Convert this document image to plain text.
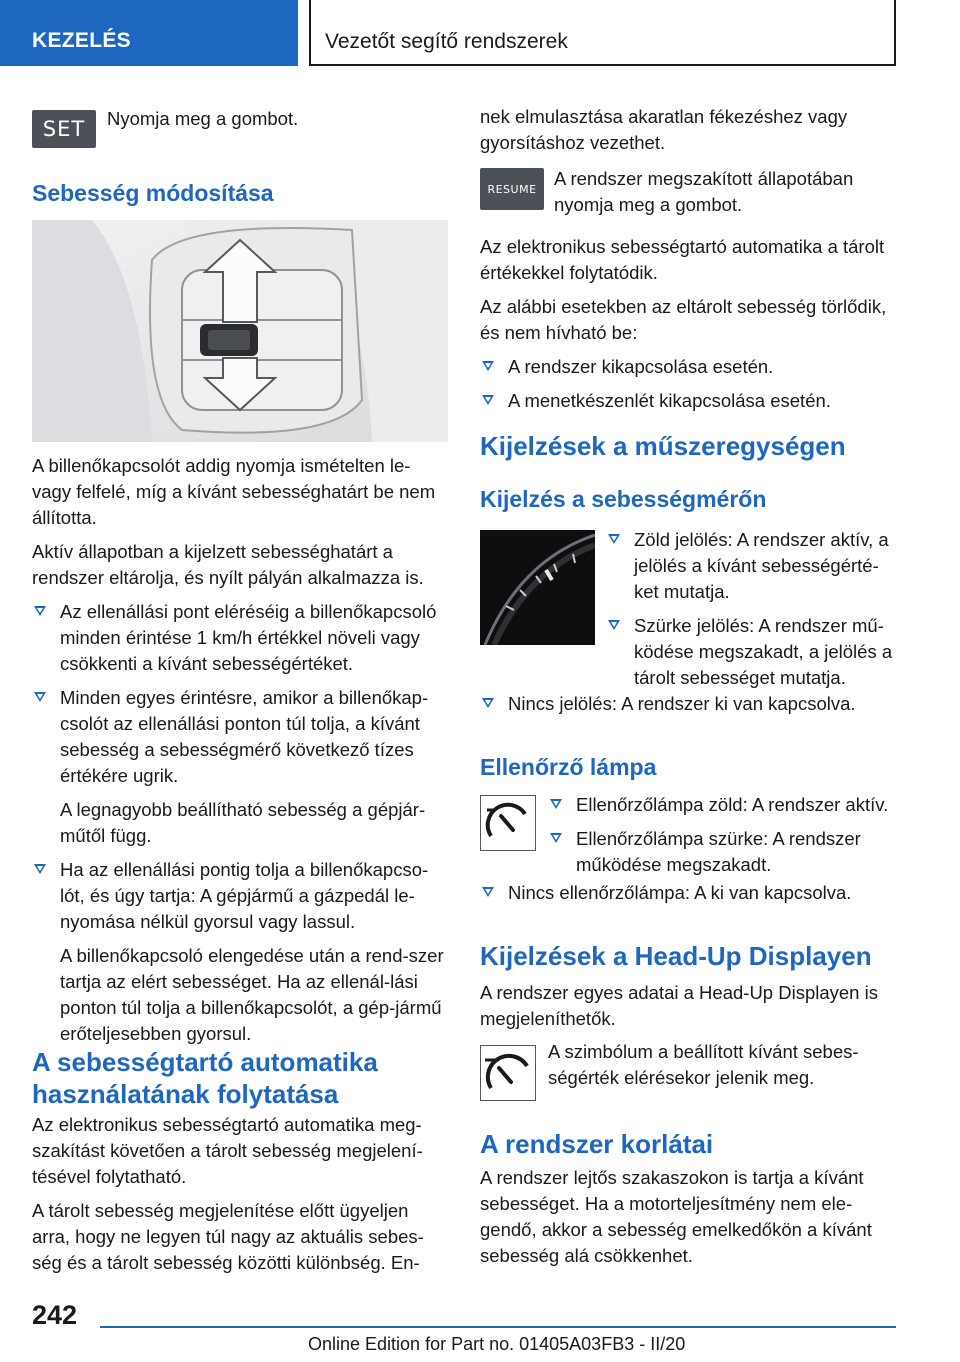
KEZELÉS	Vezetőt segítő rendszerek
SET Nyomja meg a gombot.

Sebesség módosítása

A billenőkapcsolót addig nyomja ismételten le- vagy felfelé, míg a kívánt sebességhatárt be nem állította.

Aktív állapotban a kijelzett sebességhatárt a rendszer eltárolja, és nyílt pályán alkalmazza is.

Az ellenállási pont eléréséig a billenőkapcsoló minden érintése 1 km/h értékkel növeli vagy csökkenti a kívánt sebességértéket.
Minden egyes érintésre, amikor a billenőkap-csolót az ellenállási ponton túl tolja, a kívánt sebesség a sebességmérő következő tízes értékére ugrik.

A legnagyobb beállítható sebesség a gépjár-műtől függ.

Ha az ellenállási pontig tolja a billenőkapcso-lót, és úgy tartja: A gépjármű a gázpedál le-nyomása nélkül gyorsul vagy lassul.

A billenőkapcsoló elengedése után a rend-szer tartja az elért sebességet. Ha az ellenál-lási ponton túl tolja a billenőkapcsolót, a gép-jármű erőteljesebben gyorsul.

A sebességtartó automatika használatának folytatása

Az elektronikus sebességtartó automatika meg-szakítást követően a tárolt sebesség megjelení-tésével folytatható.

A tárolt sebesség megjelenítése előtt ügyeljen arra, hogy ne legyen túl nagy az aktuális sebes-ség és a tárolt sebesség közötti különbség. En-

nek elmulasztása akaratlan fékezéshez vagy gyorsításhoz vezethet.

RESUME A rendszer megszakított állapotában nyomja meg a gombot.

Az elektronikus sebességtartó automatika a tárolt értékekkel folytatódik.

Az alábbi esetekben az eltárolt sebesség törlődik, és nem hívható be:

A rendszer kikapcsolása esetén.
A menetkészenlét kikapcsolása esetén.
Kijelzések a műszeregységen
Kijelzés a sebességmérőn
Zöld jelölés: A rendszer aktív, a jelölés a kívánt sebességérté-ket mutatja.
Szürke jelölés: A rendszer mű-ködése megszakadt, a jelölés a tárolt sebességet mutatja.
Nincs jelölés: A rendszer ki van kapcsolva.
Ellenőrző lámpa
Ellenőrzőlámpa zöld: A rendszer aktív.
Ellenőrzőlámpa szürke: A rendszer működése megszakadt.
Nincs ellenőrzőlámpa: A ki van kapcsolva.
Kijelzések a Head-Up Displayen

A rendszer egyes adatai a Head-Up Displayen is megjeleníthetők.

A szimbólum a beállított kívánt sebes-ségérték elérésekor jelenik meg.

A rendszer korlátai

A rendszer lejtős szakaszokon is tartja a kívánt sebességet. Ha a motorteljesítmény nem ele-gendő, akkor a sebesség emelkedőkön a kívánt sebesség alá csökkenhet.

242
Online Edition for Part no. 01405A03FB3 - II/20
